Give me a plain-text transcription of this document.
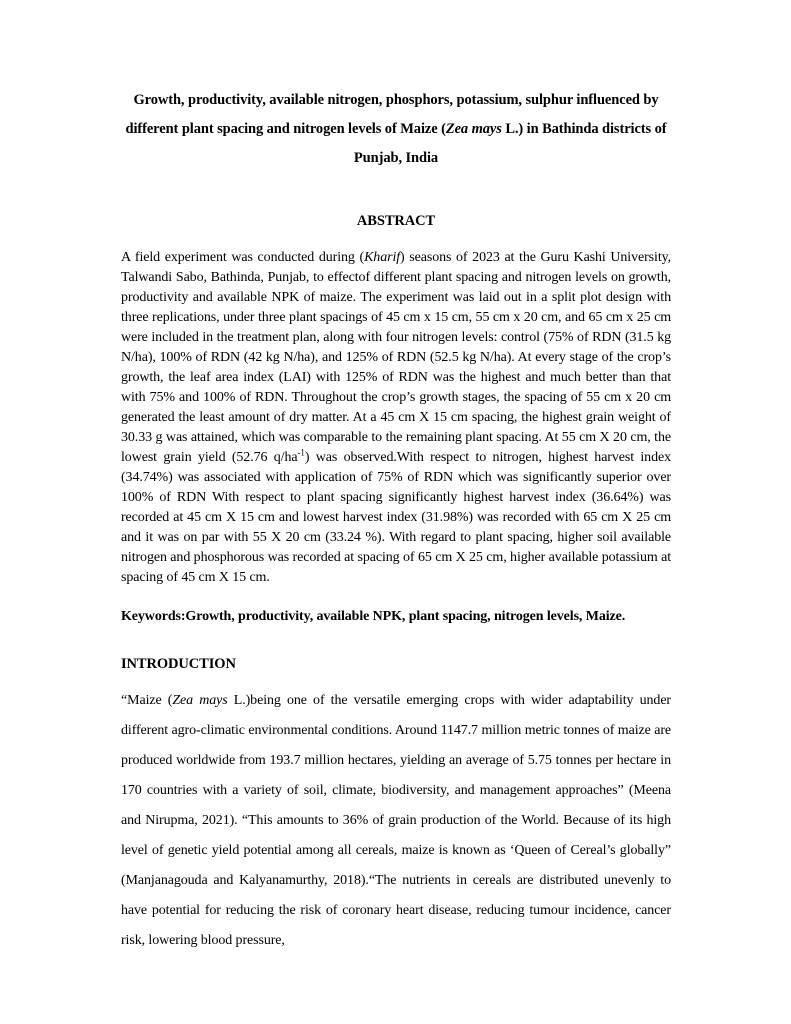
Growth, productivity, available nitrogen, phosphors, potassium, sulphur influenced by different plant spacing and nitrogen levels of Maize (Zea mays L.) in Bathinda districts of Punjab, India
ABSTRACT

A field experiment was conducted during (Kharif) seasons of 2023 at the Guru Kashi University, Talwandi Sabo, Bathinda, Punjab, to effectof different plant spacing and nitrogen levels on growth, productivity and available NPK of maize. The experiment was laid out in a split plot design with three replications, under three plant spacings of 45 cm x 15 cm, 55 cm x 20 cm, and 65 cm x 25 cm were included in the treatment plan, along with four nitrogen levels: control (75% of RDN (31.5 kg N/ha), 100% of RDN (42 kg N/ha), and 125% of RDN (52.5 kg N/ha). At every stage of the crop’s growth, the leaf area index (LAI) with 125% of RDN was the highest and much better than that with 75% and 100% of RDN. Throughout the crop’s growth stages, the spacing of 55 cm x 20 cm generated the least amount of dry matter. At a 45 cm X 15 cm spacing, the highest grain weight of 30.33 g was attained, which was comparable to the remaining plant spacing. At 55 cm X 20 cm, the lowest grain yield (52.76 $q/ha^{-1}$) was observed.With respect to nitrogen, highest harvest index (34.74%) was associated with application of 75% of RDN which was significantly superior over 100% of RDN With respect to plant spacing significantly highest harvest index (36.64%) was recorded at 45 cm X 15 cm and lowest harvest index (31.98%) was recorded with 65 cm X 25 cm and it was on par with 55 X 20 cm (33.24 %). With regard to plant spacing, higher soil available nitrogen and phosphorous was recorded at spacing of 65 cm X 25 cm, higher available potassium at spacing of 45 cm X 15 cm.

Keywords:Growth, productivity, available NPK, plant spacing, nitrogen levels, Maize.

INTRODUCTION

“Maize (Zea mays L.)being one of the versatile emerging crops with wider adaptability under different agro-climatic environmental conditions. Around 1147.7 million metric tonnes of maize are produced worldwide from 193.7 million hectares, yielding an average of 5.75 tonnes per hectare in 170 countries with a variety of soil, climate, biodiversity, and management approaches” (Meena and Nirupma, 2021). “This amounts to 36% of grain production of the World. Because of its high level of genetic yield potential among all cereals, maize is known as ‘Queen of Cereal’s globally” (Manjanagouda and Kalyanamurthy, 2018).“The nutrients in cereals are distributed unevenly to have potential for reducing the risk of coronary heart disease, reducing tumour incidence, cancer risk, lowering blood pressure,
